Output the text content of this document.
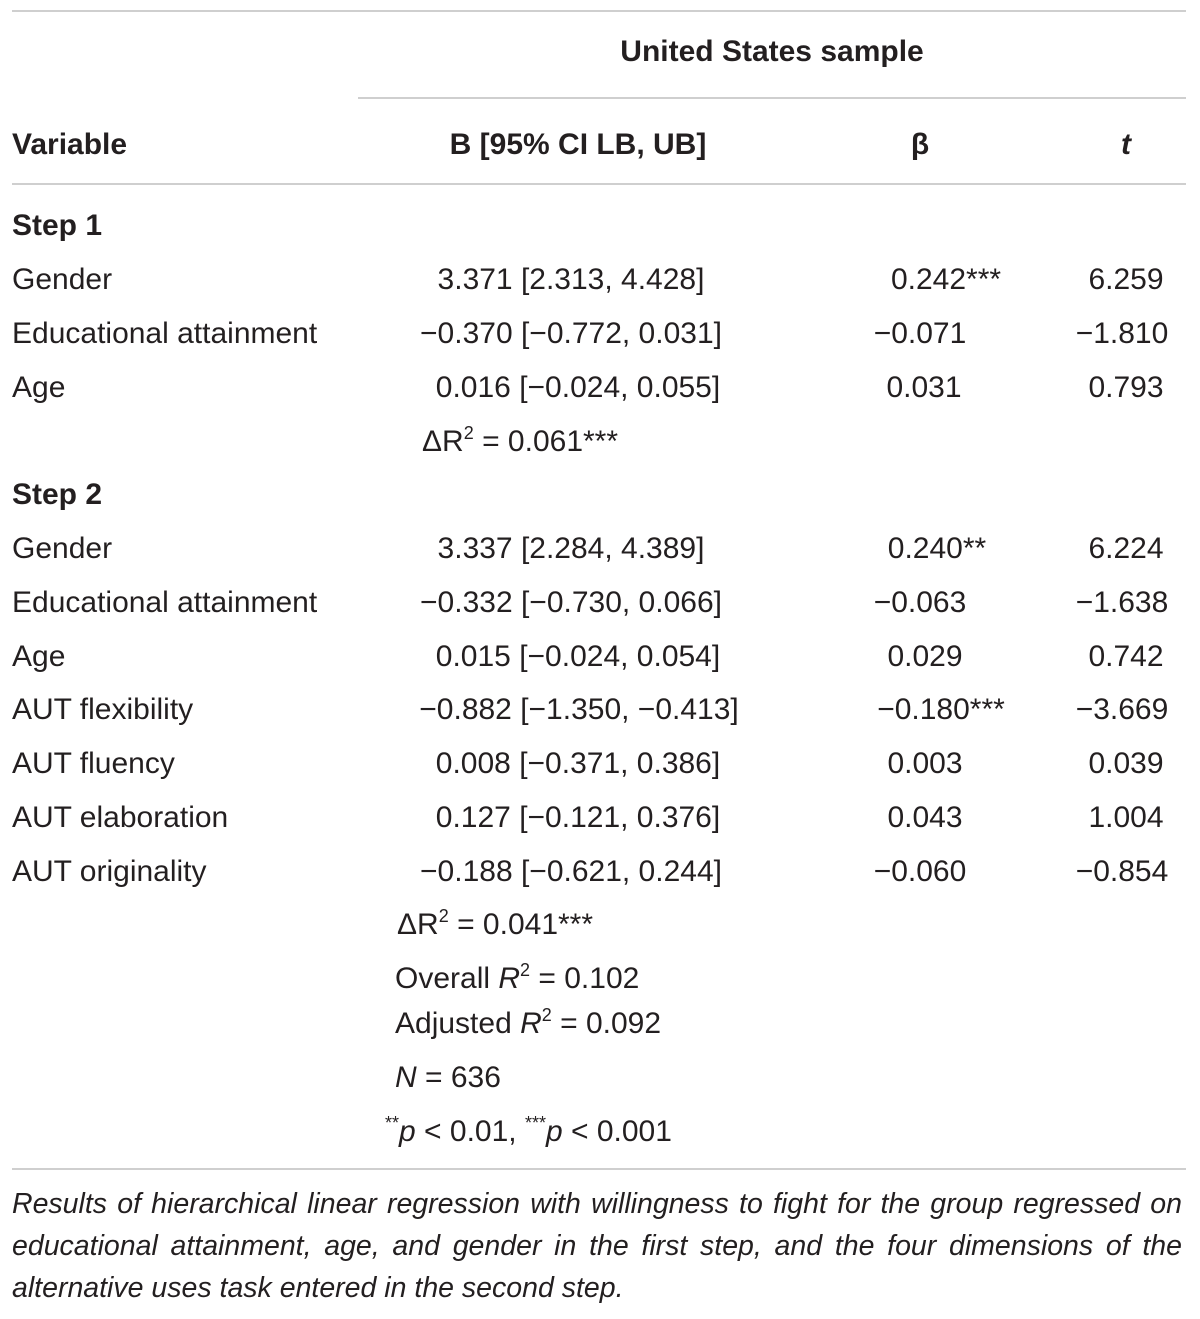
United States sample
Variable	B [95% CI LB, UB]	β	t
Step 1
Gender	3.371 [2.313, 4.428]	0.242***	6.259
Educational attainment	−0.370 [−0.772, 0.031]	−0.071	−1.810
Age	0.016 [−0.024, 0.055]	0.031	0.793
$\Delta R^2 = 0.061***$
Step 2
Gender	3.337 [2.284, 4.389]	0.240**	6.224
Educational attainment	−0.332 [−0.730, 0.066]	−0.063	−1.638
Age	0.015 [−0.024, 0.054]	0.029	0.742
AUT flexibility	−0.882 [−1.350, −0.413]	−0.180*** −3.669
AUT fluency	0.008 [−0.371, 0.386]	0.003	0.039
AUT elaboration	0.127 [−0.121, 0.376]	0.043	1.004
AUT originality	−0.188 [−0.621, 0.244]	−0.060	−0.854
$\Delta R^2 = 0.041***$
Overall $R^2 = 0.102$
Adjusted $R^2 = 0.092$
N = 636
**p < 0.01, ***p < 0.001
Results of hierarchical linear regression with willingness to fight for the group regressed on educational attainment, age, and gender in the first step, and the four dimensions of the alternative uses task entered in the second step.
